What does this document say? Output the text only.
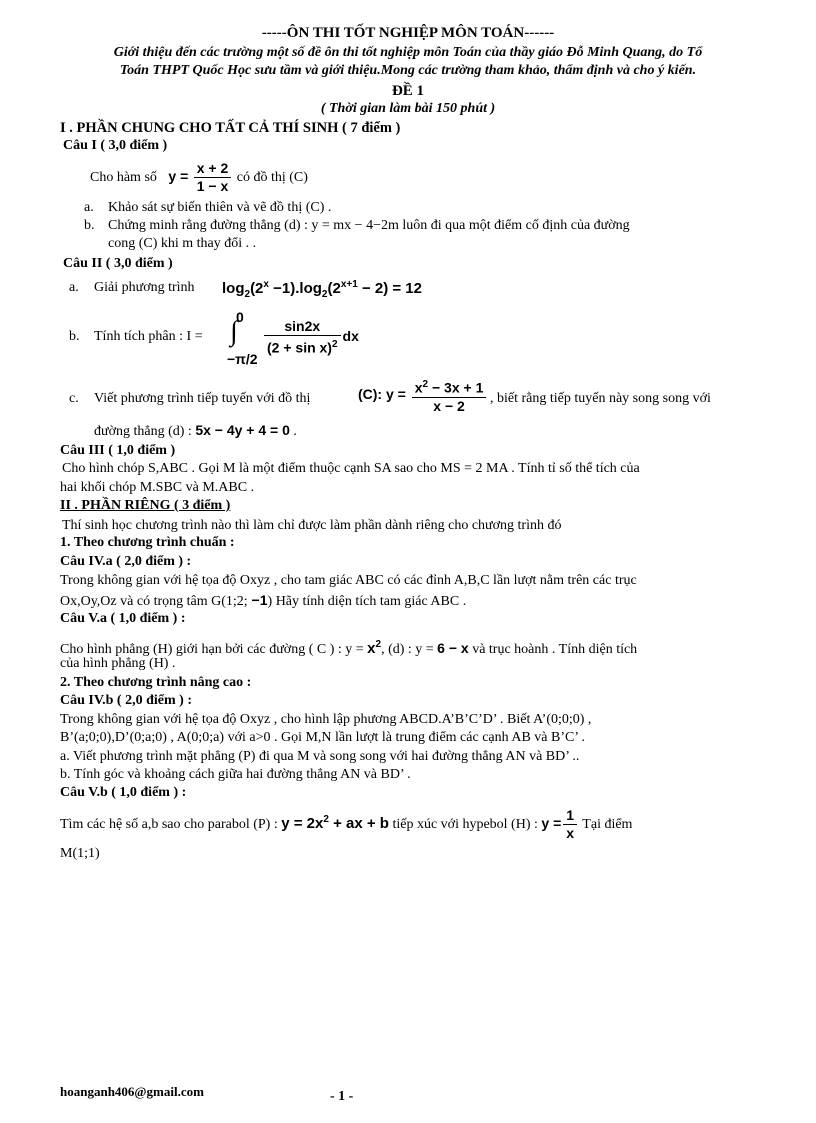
-----ÔN THI TỐT NGHIỆP MÔN TOÁN------
Giới thiệu đến các trường một số đề ôn thi tốt nghiệp môn Toán của thầy giáo Đỗ Minh Quang, do Tổ
Toán THPT Quốc Học sưu tầm và giới thiệu.Mong các trường tham khảo, thẩm định và cho ý kiến.
ĐỀ 1
( Thời gian làm bài 150 phút )
I . PHẦN CHUNG CHO TẤT CẢ THÍ SINH ( 7 điểm )
Câu I ( 3,0 điểm )
Cho hàm số $y = \frac{x + 2}{1 - x}$ có đồ thị (C)
a. Khảo sát sự biến thiên và vẽ đồ thị (C) .
b. Chứng minh rằng đường thẳng (d) : y = mx − 4−2m luôn đi qua một điểm cố định của đường
cong (C) khi m thay đổi . .
Câu II ( 3,0 điểm )
a. Giải phương trình $\log_2(2^x -1).\log_2(2^{x+1} - 2) = 12$
b. Tính tích phân : I =
0
∫
−π/2
$\frac{\sin 2x}{(2 + \sin x)^2}$ dx
c. Viết phương trình tiếp tuyến với đồ thị	(C): $y = \frac{x^2 - 3x + 1}{x - 2}$ , biết rằng tiếp tuyến này song song với
đường thẳng (d) : 5x − 4y + 4 = 0 .
Câu III ( 1,0 điểm )
Cho hình chóp S,ABC . Gọi M là một điểm thuộc cạnh SA sao cho MS = 2 MA . Tính tỉ số thể tích của
hai khối chóp M.SBC và M.ABC .
II . PHẦN RIÊNG ( 3 điểm )
Thí sinh học chương trình nào thì làm chỉ được làm phần dành riêng cho chương trình đó
1. Theo chương trình chuẩn :
Câu IV.a ( 2,0 điểm ) :
Trong không gian với hệ tọa độ Oxyz , cho tam giác ABC có các đỉnh A,B,C lần lượt nằm trên các trục
Ox,Oy,Oz và có trọng tâm G(1;2; −1) Hãy tính diện tích tam giác ABC .
Câu V.a ( 1,0 điểm ) :
Cho hình phẳng (H) giới hạn bởi các đường ( C ) : $y = x^2$, (d) : y = 6 − x và trục hoành . Tính diện tích
của hình phẳng (H) .
2. Theo chương trình nâng cao :
Câu IV.b ( 2,0 điểm ) :
Trong không gian với hệ tọa độ Oxyz , cho hình lập phương ABCD.A’B’C’D’ . Biết A’(0;0;0) ,
B’(a;0;0),D’(0;a;0) , A(0;0;a) với a>0 . Gọi M,N lần lượt là trung điểm các cạnh AB và B’C’ .
a. Viết phương trình mặt phẳng (P) đi qua M và song song với hai đường thẳng AN và BD’ ..
b. Tính góc và khoảng cách giữa hai đường thẳng AN và BD’ .
Câu V.b ( 1,0 điểm ) :
Tìm các hệ số a,b sao cho parabol (P) : $y = 2x^2$ + ax + b tiếp xúc với hypebol (H) : $y = \frac{1}{x}$ Tại điểm
M(1;1)
hoanganh406@gmail.com	- 1 -
